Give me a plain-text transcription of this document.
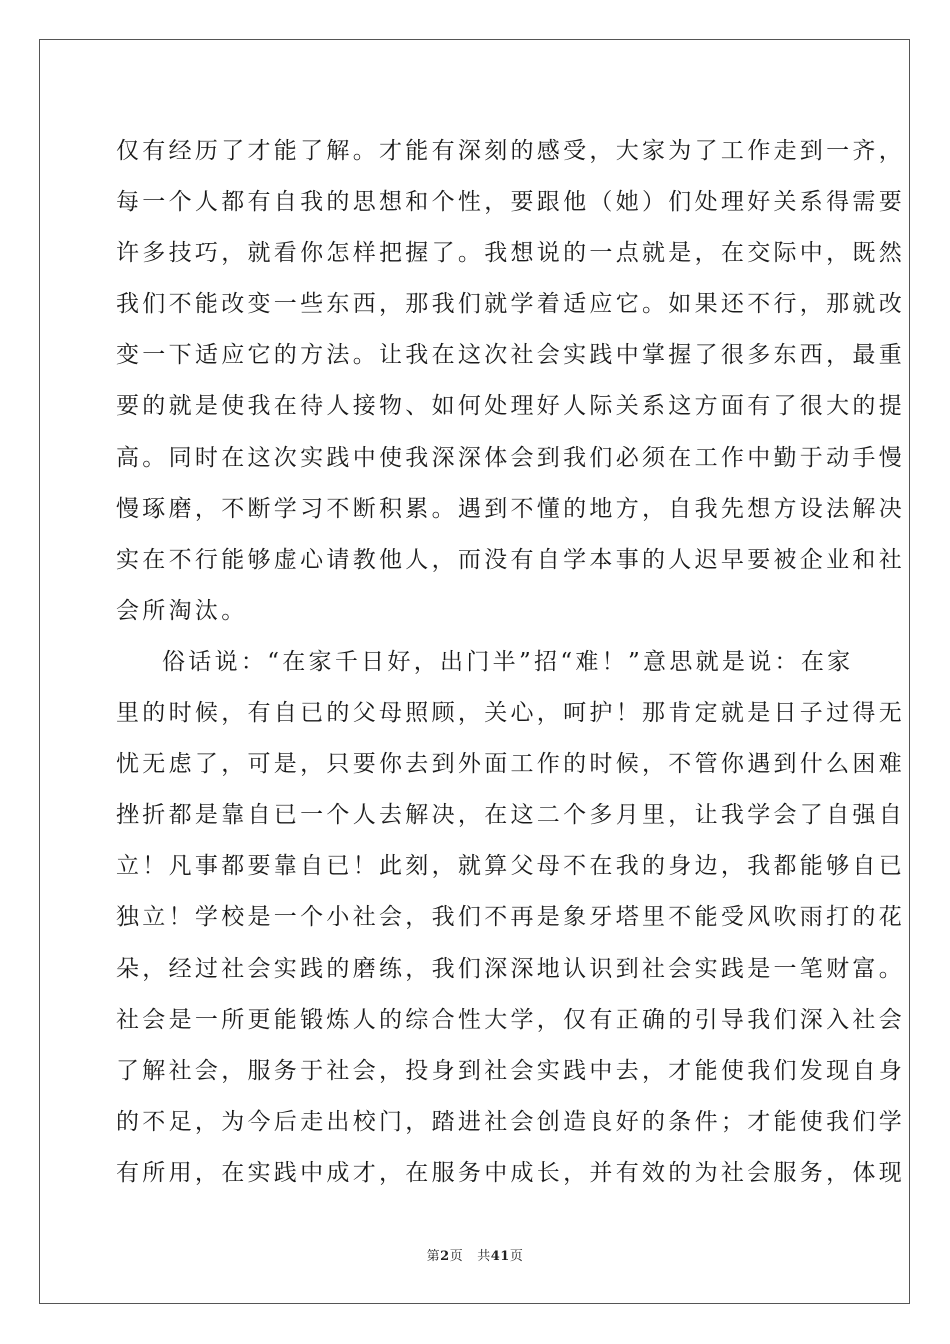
仅有经历了才能了解。才能有深刻的感受，大家为了工作走到一齐，
每一个人都有自我的思想和个性，要跟他（她）们处理好关系得需要
许多技巧，就看你怎样把握了。我想说的一点就是，在交际中，既然
我们不能改变一些东西，那我们就学着适应它。如果还不行，那就改
变一下适应它的方法。让我在这次社会实践中掌握了很多东西，最重
要的就是使我在待人接物、如何处理好人际关系这方面有了很大的提
高。同时在这次实践中使我深深体会到我们必须在工作中勤于动手慢
慢琢磨，不断学习不断积累。遇到不懂的地方，自我先想方设法解决
实在不行能够虚心请教他人，而没有自学本事的人迟早要被企业和社
会所淘汰。
俗话说：“在家千日好，出门半”招“难！”意思就是说：在家
里的时候，有自已的父母照顾，关心，呵护！那肯定就是日子过得无
忧无虑了，可是，只要你去到外面工作的时候，不管你遇到什么困难
挫折都是靠自已一个人去解决，在这二个多月里，让我学会了自强自
立！凡事都要靠自已！此刻，就算父母不在我的身边，我都能够自已
独立！学校是一个小社会，我们不再是象牙塔里不能受风吹雨打的花
朵，经过社会实践的磨练，我们深深地认识到社会实践是一笔财富。
社会是一所更能锻炼人的综合性大学，仅有正确的引导我们深入社会
了解社会，服务于社会，投身到社会实践中去，才能使我们发现自身
的不足，为今后走出校门，踏进社会创造良好的条件；才能使我们学
有所用，在实践中成才，在服务中成长，并有效的为社会服务，体现
第2页 共41页
